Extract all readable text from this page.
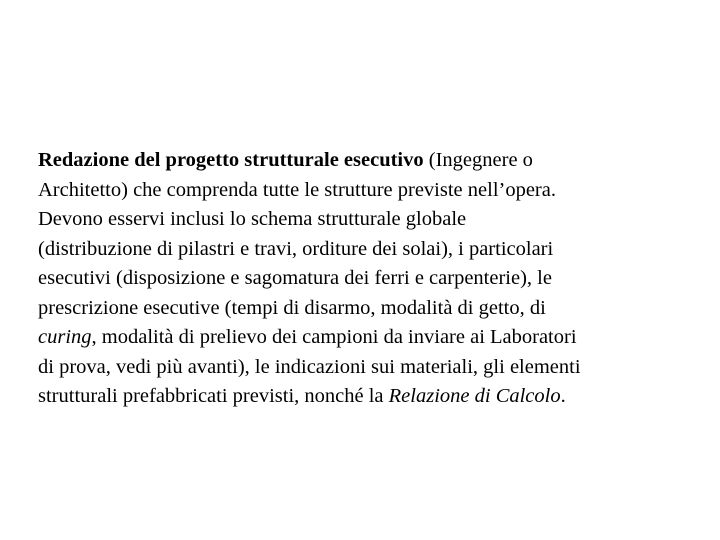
Redazione del progetto strutturale esecutivo (Ingegnere o
Architetto) che comprenda tutte le strutture previste nell’opera.
Devono esservi inclusi lo schema strutturale globale
(distribuzione di pilastri e travi, orditure dei solai), i particolari
esecutivi (disposizione e sagomatura dei ferri e carpenterie), le
prescrizione esecutive (tempi di disarmo, modalità di getto, di
curing, modalità di prelievo dei campioni da inviare ai Laboratori
di prova, vedi più avanti), le indicazioni sui materiali, gli elementi
strutturali prefabbricati previsti, nonché la Relazione di Calcolo.
